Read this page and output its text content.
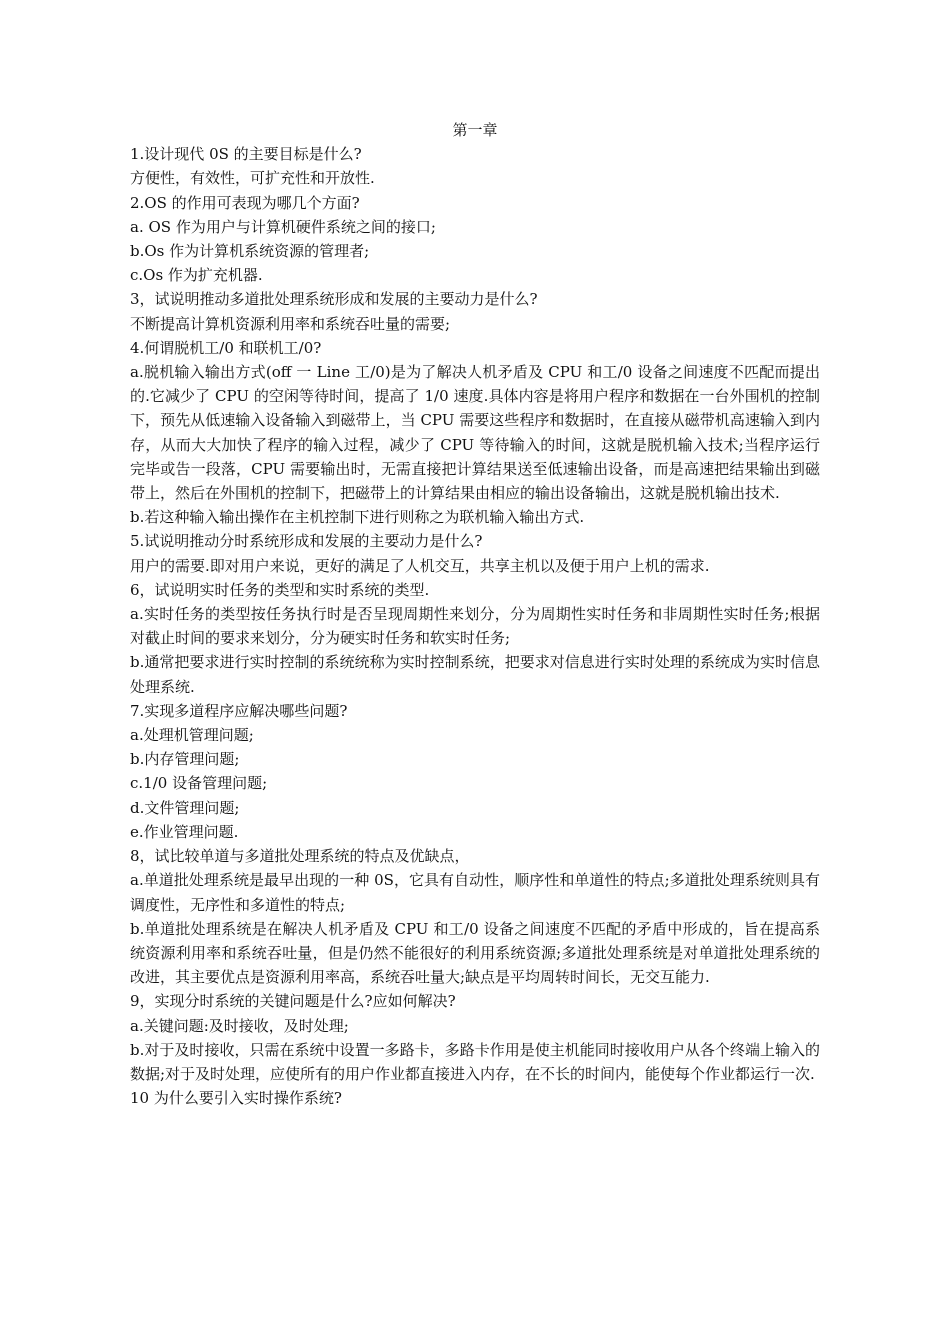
第一章

1.设计现代 0S 的主要目标是什么?

方便性，有效性，可扩充性和开放性.

2.OS 的作用可表现为哪几个方面?

a. OS 作为用户与计算机硬件系统之间的接口;

b.Os 作为计算机系统资源的管理者;

c.Os 作为扩充机器.

3，试说明推动多道批处理系统形成和发展的主要动力是什么?

不断提高计算机资源利用率和系统吞吐量的需要;

4.何谓脱机工/0 和联机工/0?

a.脱机输入输出方式(off 一 Line 工/0)是为了解决人机矛盾及 CPU 和工/0 设备之间速度不匹配而提出的.它减少了 CPU 的空闲等待时间，提高了 1/0 速度.具体内容是将用户程序和数据在一台外围机的控制下，预先从低速输入设备输入到磁带上，当 CPU 需要这些程序和数据时，在直接从磁带机高速输入到内存，从而大大加快了程序的输入过程，减少了 CPU 等待输入的时间，这就是脱机输入技术;当程序运行完毕或告一段落，CPU 需要输出时，无需直接把计算结果送至低速输出设备，而是高速把结果输出到磁带上，然后在外围机的控制下，把磁带上的计算结果由相应的输出设备输出，这就是脱机输出技术.

b.若这种输入输出操作在主机控制下进行则称之为联机输入输出方式.

5.试说明推动分时系统形成和发展的主要动力是什么?

用户的需要.即对用户来说，更好的满足了人机交互，共享主机以及便于用户上机的需求.

6，试说明实时任务的类型和实时系统的类型.

a.实时任务的类型按任务执行时是否呈现周期性来划分，分为周期性实时任务和非周期性实时任务;根据对截止时间的要求来划分，分为硬实时任务和软实时任务;

b.通常把要求进行实时控制的系统统称为实时控制系统，把要求对信息进行实时处理的系统成为实时信息处理系统.

7.实现多道程序应解决哪些问题?

a.处理机管理问题;

b.内存管理问题;

c.1/0 设备管理问题;

d.文件管理问题;

e.作业管理问题.

8，试比较单道与多道批处理系统的特点及优缺点，

a.单道批处理系统是最早出现的一种 0S，它具有自动性，顺序性和单道性的特点;多道批处理系统则具有调度性，无序性和多道性的特点;

b.单道批处理系统是在解决人机矛盾及 CPU 和工/0 设备之间速度不匹配的矛盾中形成的，旨在提高系统资源利用率和系统吞吐量，但是仍然不能很好的利用系统资源;多道批处理系统是对单道批处理系统的改进，其主要优点是资源利用率高，系统吞吐量大;缺点是平均周转时间长，无交互能力.

9，实现分时系统的关键问题是什么?应如何解决?

a.关键问题:及时接收，及时处理;

b.对于及时接收，只需在系统中设置一多路卡，多路卡作用是使主机能同时接收用户从各个终端上输入的数据;对于及时处理，应使所有的用户作业都直接进入内存，在不长的时间内，能使每个作业都运行一次.

10 为什么要引入实时操作系统?
